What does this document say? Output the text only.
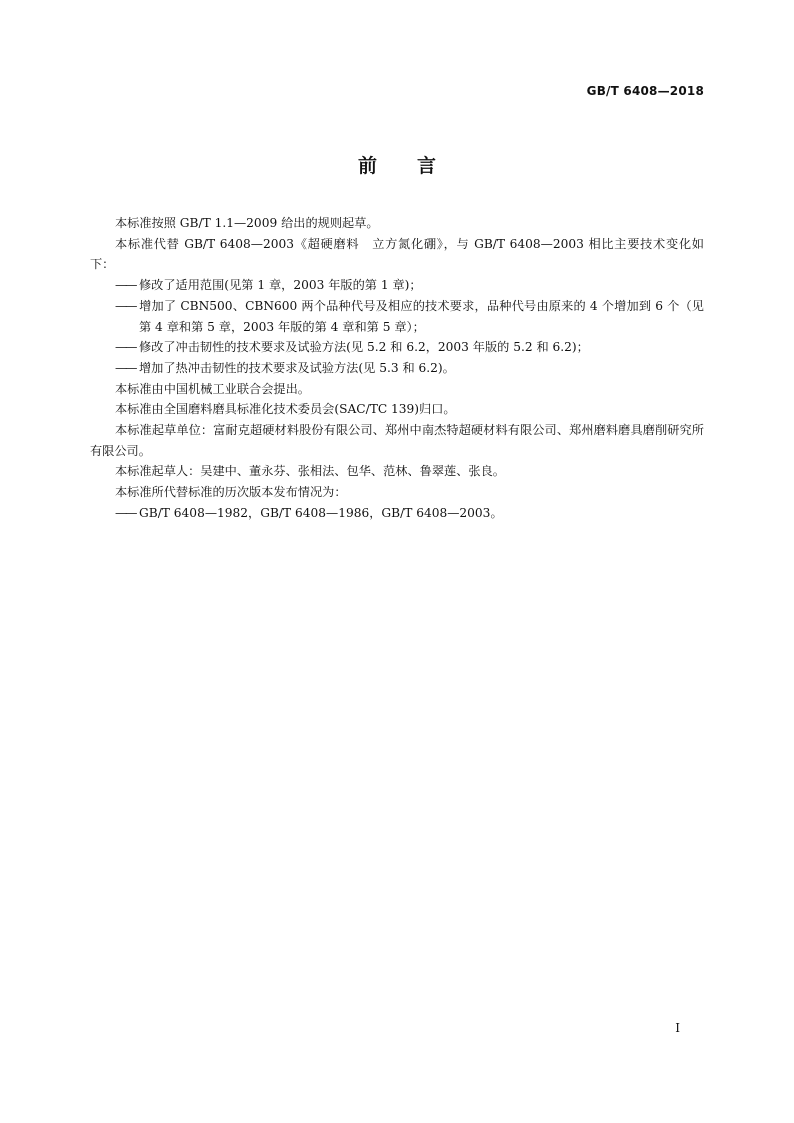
GB/T 6408—2018
前 言

本标准按照 GB/T 1.1—2009 给出的规则起草。

本标准代替 GB/T 6408—2003《超硬磨料　立方氮化硼》，与 GB/T 6408—2003 相比主要技术变化如下：

—— 修改了适用范围(见第 1 章，2003 年版的第 1 章)；

—— 增加了 CBN500、CBN600 两个品种代号及相应的技术要求，品种代号由原来的 4 个增加到 6 个（见第 4 章和第 5 章，2003 年版的第 4 章和第 5 章）；

—— 修改了冲击韧性的技术要求及试验方法(见 5.2 和 6.2，2003 年版的 5.2 和 6.2)；

—— 增加了热冲击韧性的技术要求及试验方法(见 5.3 和 6.2)。

本标准由中国机械工业联合会提出。

本标准由全国磨料磨具标准化技术委员会(SAC/TC 139)归口。

本标准起草单位：富耐克超硬材料股份有限公司、郑州中南杰特超硬材料有限公司、郑州磨料磨具磨削研究所有限公司。

本标准起草人：吴建中、董永芬、张相法、包华、范林、鲁翠莲、张良。

本标准所代替标准的历次版本发布情况为：

—— GB/T 6408—1982，GB/T 6408—1986，GB/T 6408—2003。

I
